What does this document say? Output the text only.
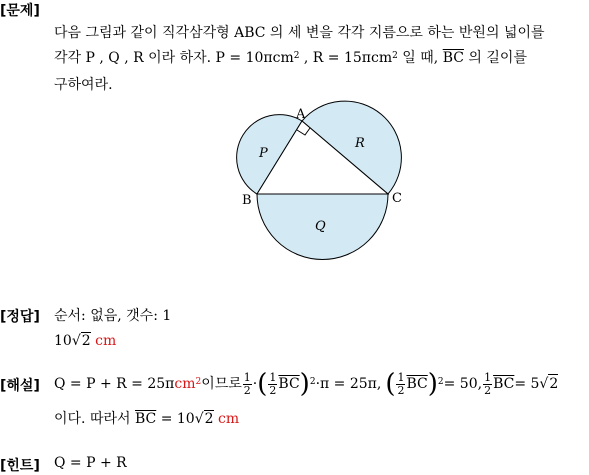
[문제]
다음 그림과 같이 직각삼각형 ABC 의 세 변을 각각 지름으로 하는 반원의 넓이를
각각 P , Q , R 이라 하자. P = 10πcm$^2$ , R = 15πcm$^2$ 일 때, $\overline{BC}$ 의 길이를
구하여라.
A
B	C
P
R
Q
[정답] 순서: 없음, 갯수: 1
10√2 cm
[해설] Q = P + R = 25π cm 2 이므로 $\frac{1}{2}$ · ( $\frac{1}{2} \overline{BC}$ ) 2 ·π = 25π, ( $\frac{1}{2} \overline{BC}$ ) 2 = 50, $\frac{1}{2} \overline{BC} = 5√$ 2
이다. 따라서 $\overline{BC} = 10√2$ cm
[힌트] Q = P + R
